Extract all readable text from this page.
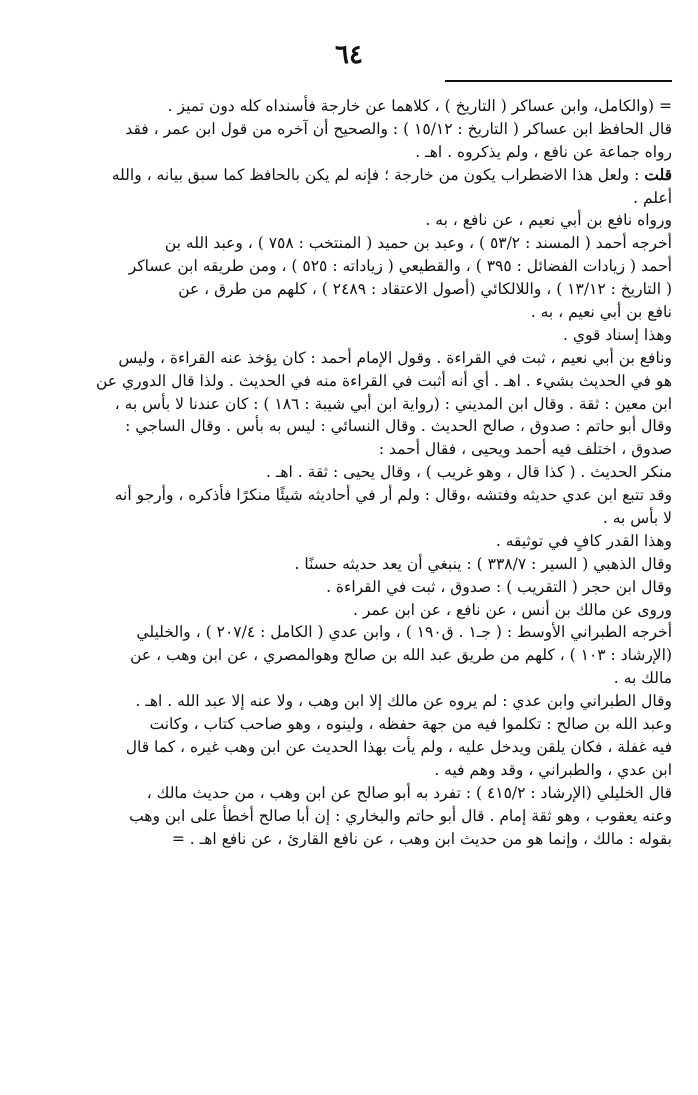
٦٤
= (والكامل، وابن عساكر ( التاريخ ) ، كلاهما عن خارجة فأسنداه كله دون تميز .
قال الحافظ ابن عساكر ( التاريخ : ١٥/١٢ ) : والصحيح أن آخره من قول ابن عمر ، فقد
رواه جماعة عن نافع ، ولم يذكروه . اهـ .
قلت : ولعل هذا الاضطراب يكون من خارجة ؛ فإنه لم يكن بالحافظ كما سبق بيانه ، والله
أعلم .
ورواه نافع بن أبي نعيم ، عن نافع ، به .
أخرجه أحمد ( المسند : ٥٣/٢ ) ، وعبد بن حميد ( المنتخب : ٧٥٨ ) ، وعبد الله بن
أحمد ( زيادات الفضائل : ٣٩٥ ) ، والقطيعي ( زياداته : ٥٢٥ ) ، ومن طريقه ابن عساكر
( التاريخ : ١٣/١٢ ) ، واللالكائي (أصول الاعتقاد : ٢٤٨٩ ) ، كلهم من طرق ، عن
نافع بن أبي نعيم ، به .
وهذا إسناد قوي .
ونافع بن أبي نعيم ، ثبت في القراءة . وقول الإمام أحمد : كان يؤخذ عنه القراءة ، وليس
هو في الحديث بشيء . اهـ . أي أنه أثبت في القراءة منه في الحديث . ولذا قال الدوري عن
ابن معين : ثقة . وقال ابن المديني : (رواية ابن أبي شيبة : ١٨٦ ) : كان عندنا لا بأس به ،
وقال أبو حاتم : صدوق ، صالح الحديث . وقال النسائي : ليس به بأس . وقال الساجي :
صدوق ، اختلف فيه أحمد ويحيى ، فقال أحمد :
منكر الحديث . ( كذا قال ، وهو غريب ) ، وقال يحيى : ثقة . اهـ .
وقد تتبع ابن عدي حديثه وفتشه ،وقال : ولم أر في أحاديثه شيئًا منكرًا فأذكره ، وأرجو أنه
لا بأس به .
وهذا القدر كافٍ في توثيقه .
وقال الذهبي ( السير : ٣٣٨/٧ ) : ينبغي أن يعد حديثه حسنًا .
وقال ابن حجر ( التقريب ) : صدوق ، ثبت في القراءة .
وروى عن مالك بن أنس ، عن نافع ، عن ابن عمر .
أخرجه الطبراني الأوسط : ( جـ١ . ق١٩٠ ) ، وابن عدي ( الكامل : ٢٠٧/٤ ) ، والخليلي
(الإرشاد : ١٠٣ ) ، كلهم من طريق عبد الله بن صالح وهوالمصري ، عن ابن وهب ، عن
مالك به .
وقال الطبراني وابن عدي : لم يروه عن مالك إلا ابن وهب ، ولا عنه إلا عبد الله . اهـ .
وعبد الله بن صالح : تكلموا فيه من جهة حفظه ، ولينوه ، وهو صاحب كتاب ، وكانت
فيه غفلة ، فكان يلقن ويدخل عليه ، ولم يأت بهذا الحديث عن ابن وهب غيره ، كما قال
ابن عدي ، والطبراني ، وقد وهم فيه .
قال الخليلي (الإرشاد : ٤١٥/٢ ) : تفرد به أبو صالح عن ابن وهب ، من حديث مالك ،
وعنه يعقوب ، وهو ثقة إمام . قال أبو حاتم والبخاري : إن أبا صالح أخطأ على ابن وهب
بقوله : مالك ، وإنما هو من حديث ابن وهب ، عن نافع القارئ ، عن نافع اهـ . =
